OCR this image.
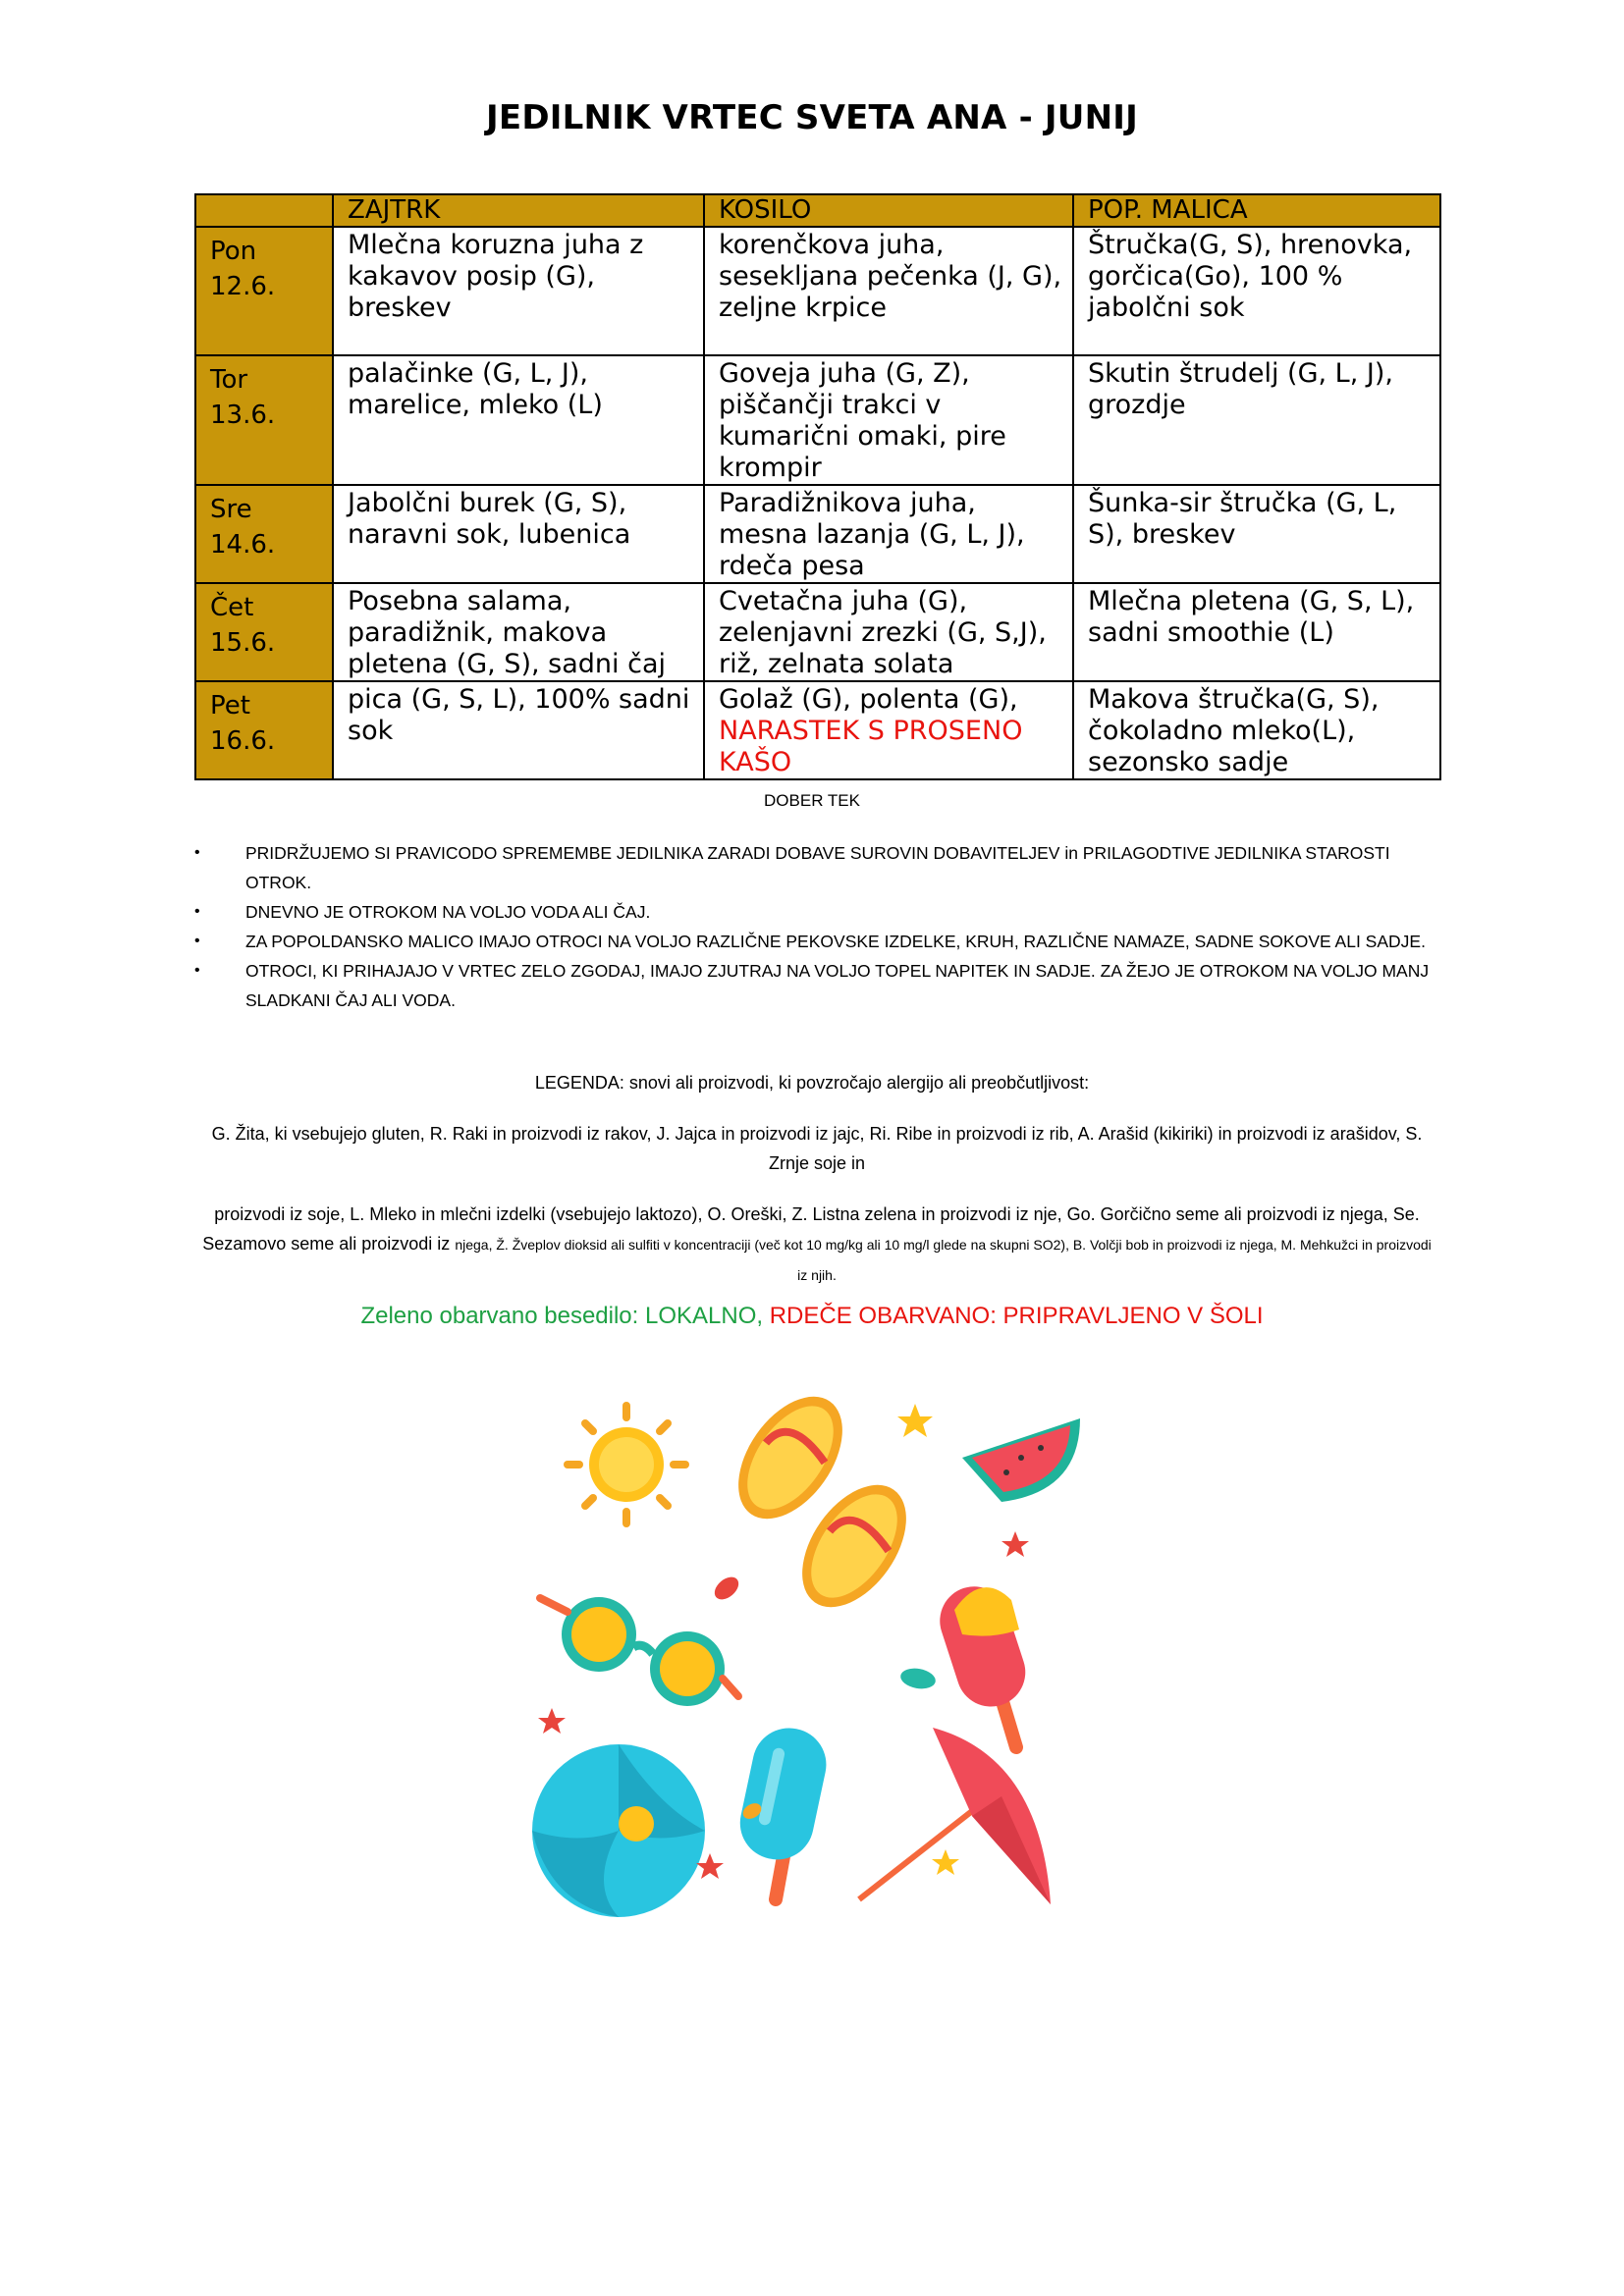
JEDILNIK VRTEC SVETA ANA - JUNIJ
	ZAJTRK	KOSILO	POP. MALICA
Pon
12.6.	Mlečna koruzna juha z kakavov posip (G), breskev	korenčkova juha, sesekljana pečenka (J, G), zeljne krpice	Štručka(G, S), hrenovka, gorčica(Go), 100 % jabolčni sok
Tor
13.6.	palačinke (G, L, J), marelice, mleko (L)	Goveja juha (G, Z), piščančji trakci v kumarični omaki, pire krompir	Skutin štrudelj (G, L, J), grozdje
Sre
14.6.	Jabolčni burek (G, S), naravni sok, lubenica	Paradižnikova juha, mesna lazanja (G, L, J), rdeča pesa	Šunka-sir štručka (G, L, S), breskev
Čet
15.6.	Posebna salama, paradižnik, makova pletena (G, S), sadni čaj	Cvetačna juha (G), zelenjavni zrezki (G, S,J), riž, zelnata solata	Mlečna pletena (G, S, L), sadni smoothie (L)
Pet
16.6.	pica (G, S, L), 100% sadni sok	Golaž (G), polenta (G), NARASTEK S PROSENO KAŠO	Makova štručka(G, S), čokoladno mleko(L), sezonsko sadje
DOBER TEK
•	PRIDRŽUJEMO SI PRAVICODO SPREMEMBE JEDILNIKA ZARADI DOBAVE SUROVIN DOBAVITELJEV in PRILAGODTIVE JEDILNIKA STAROSTI OTROK.
•	DNEVNO JE OTROKOM NA VOLJO VODA ALI ČAJ.
•	ZA POPOLDANSKO MALICO IMAJO OTROCI NA VOLJO RAZLIČNE PEKOVSKE IZDELKE, KRUH, RAZLIČNE NAMAZE, SADNE SOKOVE ALI SADJE.
•	OTROCI, KI PRIHAJAJO V VRTEC ZELO ZGODAJ, IMAJO ZJUTRAJ NA VOLJO TOPEL NAPITEK IN SADJE. ZA ŽEJO JE OTROKOM NA VOLJO MANJ SLADKANI ČAJ ALI VODA.
LEGENDA: snovi ali proizvodi, ki povzročajo alergijo ali preobčutljivost:
G. Žita, ki vsebujejo gluten, R. Raki in proizvodi iz rakov, J. Jajca in proizvodi iz jajc, Ri. Ribe in proizvodi iz rib, A. Arašid (kikiriki) in proizvodi iz arašidov, S. Zrnje soje in
proizvodi iz soje, L. Mleko in mlečni izdelki (vsebujejo laktozo), O. Oreški, Z. Listna zelena in proizvodi iz nje, Go. Gorčično seme ali proizvodi iz njega, Se. Sezamovo seme ali proizvodi iz njega, Ž. Žveplov dioksid ali sulfiti v koncentraciji (več kot 10 mg/kg ali 10 mg/l glede na skupni SO2), B. Volčji bob in proizvodi iz njega, M. Mehkužci in proizvodi iz njih.
Zeleno obarvano besedilo: LOKALNO, RDEČE OBARVANO: PRIPRAVLJENO V ŠOLI
